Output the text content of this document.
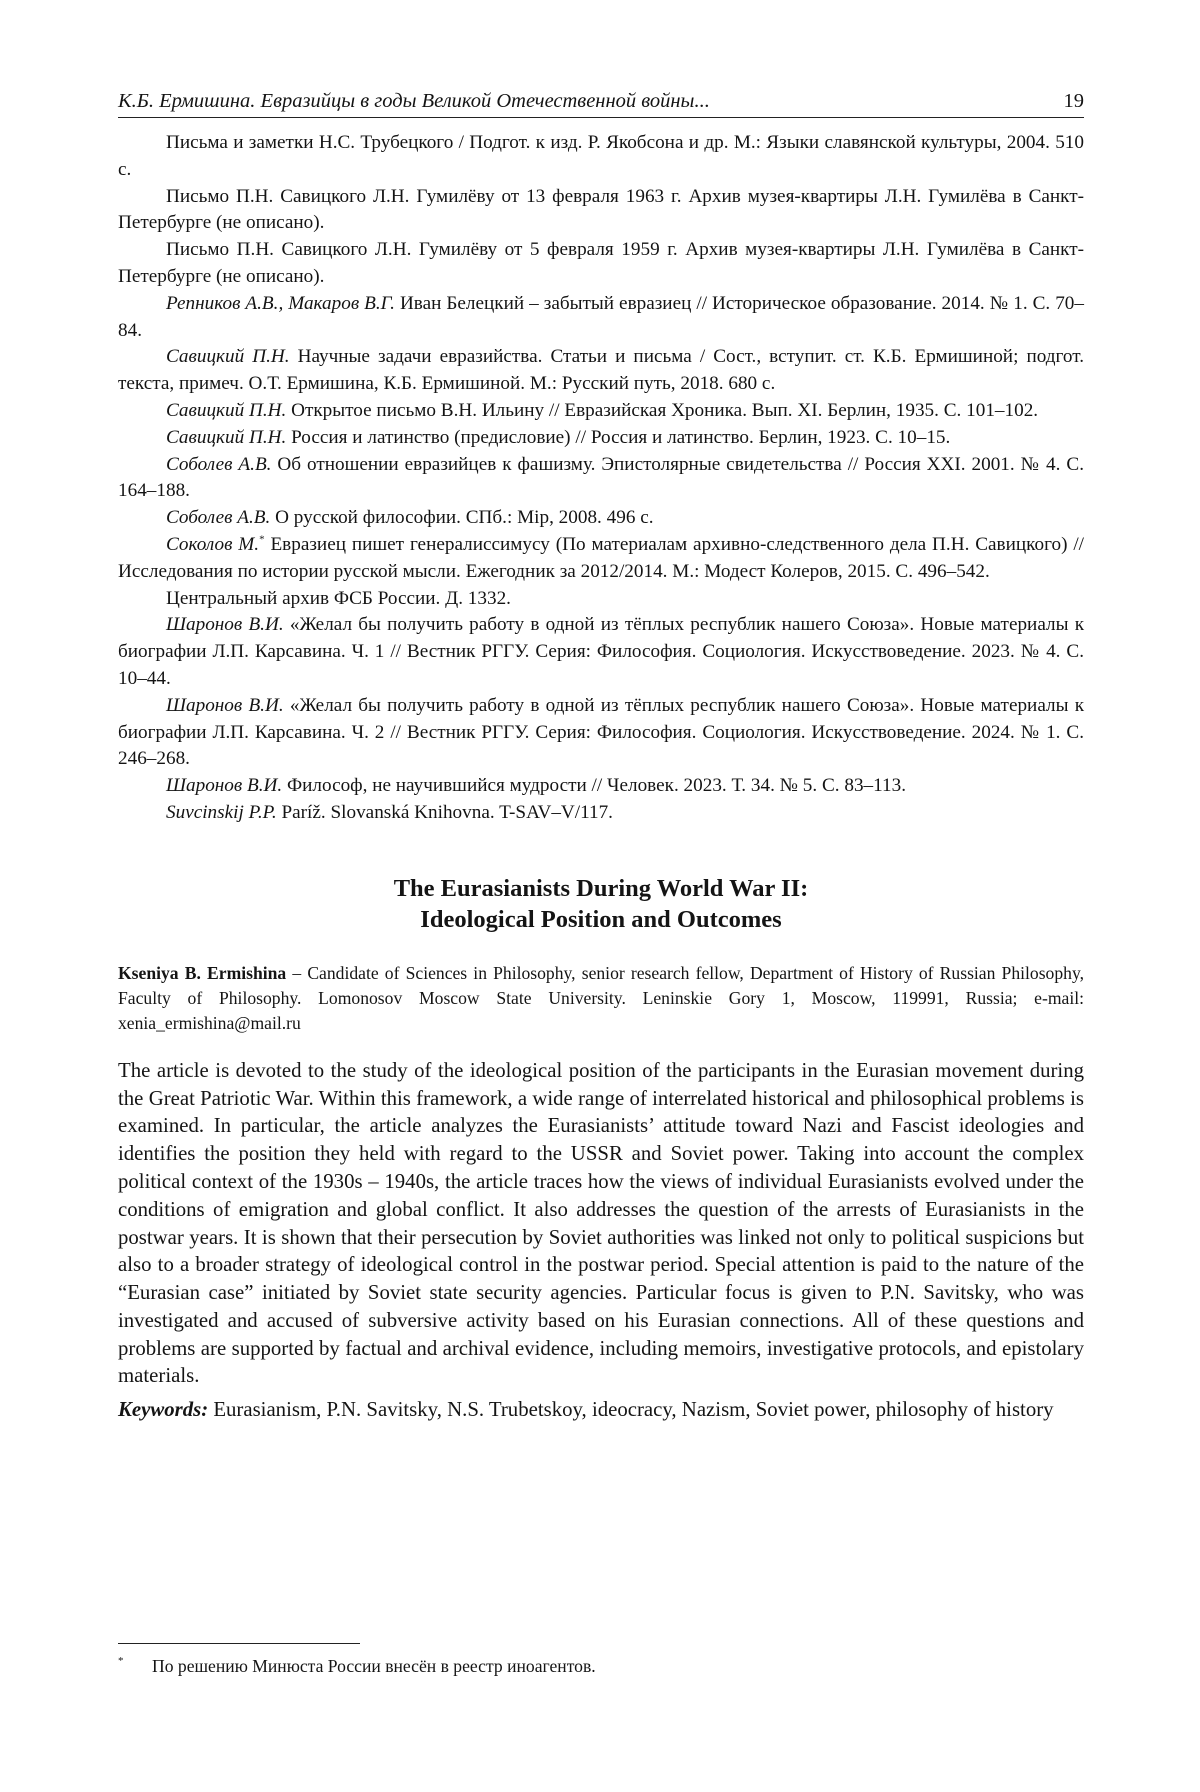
К.Б. Ермишина. Евразийцы в годы Великой Отечественной войны...	19
Письма и заметки Н.С. Трубецкого / Подгот. к изд. Р. Якобсона и др. М.: Языки славянской культуры, 2004. 510 с.
Письмо П.Н. Савицкого Л.Н. Гумилёву от 13 февраля 1963 г. Архив музея-квартиры Л.Н. Гумилёва в Санкт-Петербурге (не описано).
Письмо П.Н. Савицкого Л.Н. Гумилёву от 5 февраля 1959 г. Архив музея-квартиры Л.Н. Гумилёва в Санкт-Петербурге (не описано).
Репников А.В., Макаров В.Г. Иван Белецкий – забытый евразиец // Историческое образование. 2014. № 1. С. 70–84.
Савицкий П.Н. Научные задачи евразийства. Статьи и письма / Сост., вступит. ст. К.Б. Ермишиной; подгот. текста, примеч. О.Т. Ермишина, К.Б. Ермишиной. М.: Русский путь, 2018. 680 с.
Савицкий П.Н. Открытое письмо В.Н. Ильину // Евразийская Хроника. Вып. XI. Берлин, 1935. С. 101–102.
Савицкий П.Н. Россия и латинство (предисловие) // Россия и латинство. Берлин, 1923. С. 10–15.
Соболев А.В. Об отношении евразийцев к фашизму. Эпистолярные свидетельства // Россия XXI. 2001. № 4. С. 164–188.
Соболев А.В. О русской философии. СПб.: Мір, 2008. 496 с.
Соколов М.* Евразиец пишет генералиссимусу (По материалам архивно-следственного дела П.Н. Савицкого) // Исследования по истории русской мысли. Ежегодник за 2012/2014. М.: Модест Колеров, 2015. С. 496–542.
Центральный архив ФСБ России. Д. 1332.
Шаронов В.И. «Желал бы получить работу в одной из тёплых республик нашего Союза». Новые материалы к биографии Л.П. Карсавина. Ч. 1 // Вестник РГГУ. Серия: Философия. Социология. Искусствоведение. 2023. № 4. С. 10–44.
Шаронов В.И. «Желал бы получить работу в одной из тёплых республик нашего Союза». Новые материалы к биографии Л.П. Карсавина. Ч. 2 // Вестник РГГУ. Серия: Философия. Социология. Искусствоведение. 2024. № 1. С. 246–268.
Шаронов В.И. Философ, не научившийся мудрости // Человек. 2023. Т. 34. № 5. С. 83–113.
Suvcinskij P.P. Paríž. Slovanská Knihovna. T-SAV–V/117.
The Eurasianists During World War II:
Ideological Position and Outcomes
Kseniya B. Ermishina – Candidate of Sciences in Philosophy, senior research fellow, Department of History of Russian Philosophy, Faculty of Philosophy. Lomonosov Moscow State University. Leninskie Gory 1, Moscow, 119991, Russia; e-mail: xenia_ermishina@mail.ru
The article is devoted to the study of the ideological position of the participants in the Eurasian movement during the Great Patriotic War. Within this framework, a wide range of interrelated historical and philosophical problems is examined. In particular, the article analyzes the Eurasianists’ attitude toward Nazi and Fascist ideologies and identifies the position they held with regard to the USSR and Soviet power. Taking into account the complex political context of the 1930s – 1940s, the article traces how the views of individual Eurasianists evolved under the conditions of emigration and global conflict. It also addresses the question of the arrests of Eurasianists in the postwar years. It is shown that their persecution by Soviet authorities was linked not only to political suspicions but also to a broader strategy of ideological control in the postwar period. Special attention is paid to the nature of the “Eurasian case” initiated by Soviet state security agencies. Particular focus is given to P.N. Savitsky, who was investigated and accused of subversive activity based on his Eurasian connections. All of these questions and problems are supported by factual and archival evidence, including memoirs, investigative protocols, and epistolary materials.
Keywords: Eurasianism, P.N. Savitsky, N.S. Trubetskoy, ideocracy, Nazism, Soviet power, philosophy of history
* По решению Минюста России внесён в реестр иноагентов.
